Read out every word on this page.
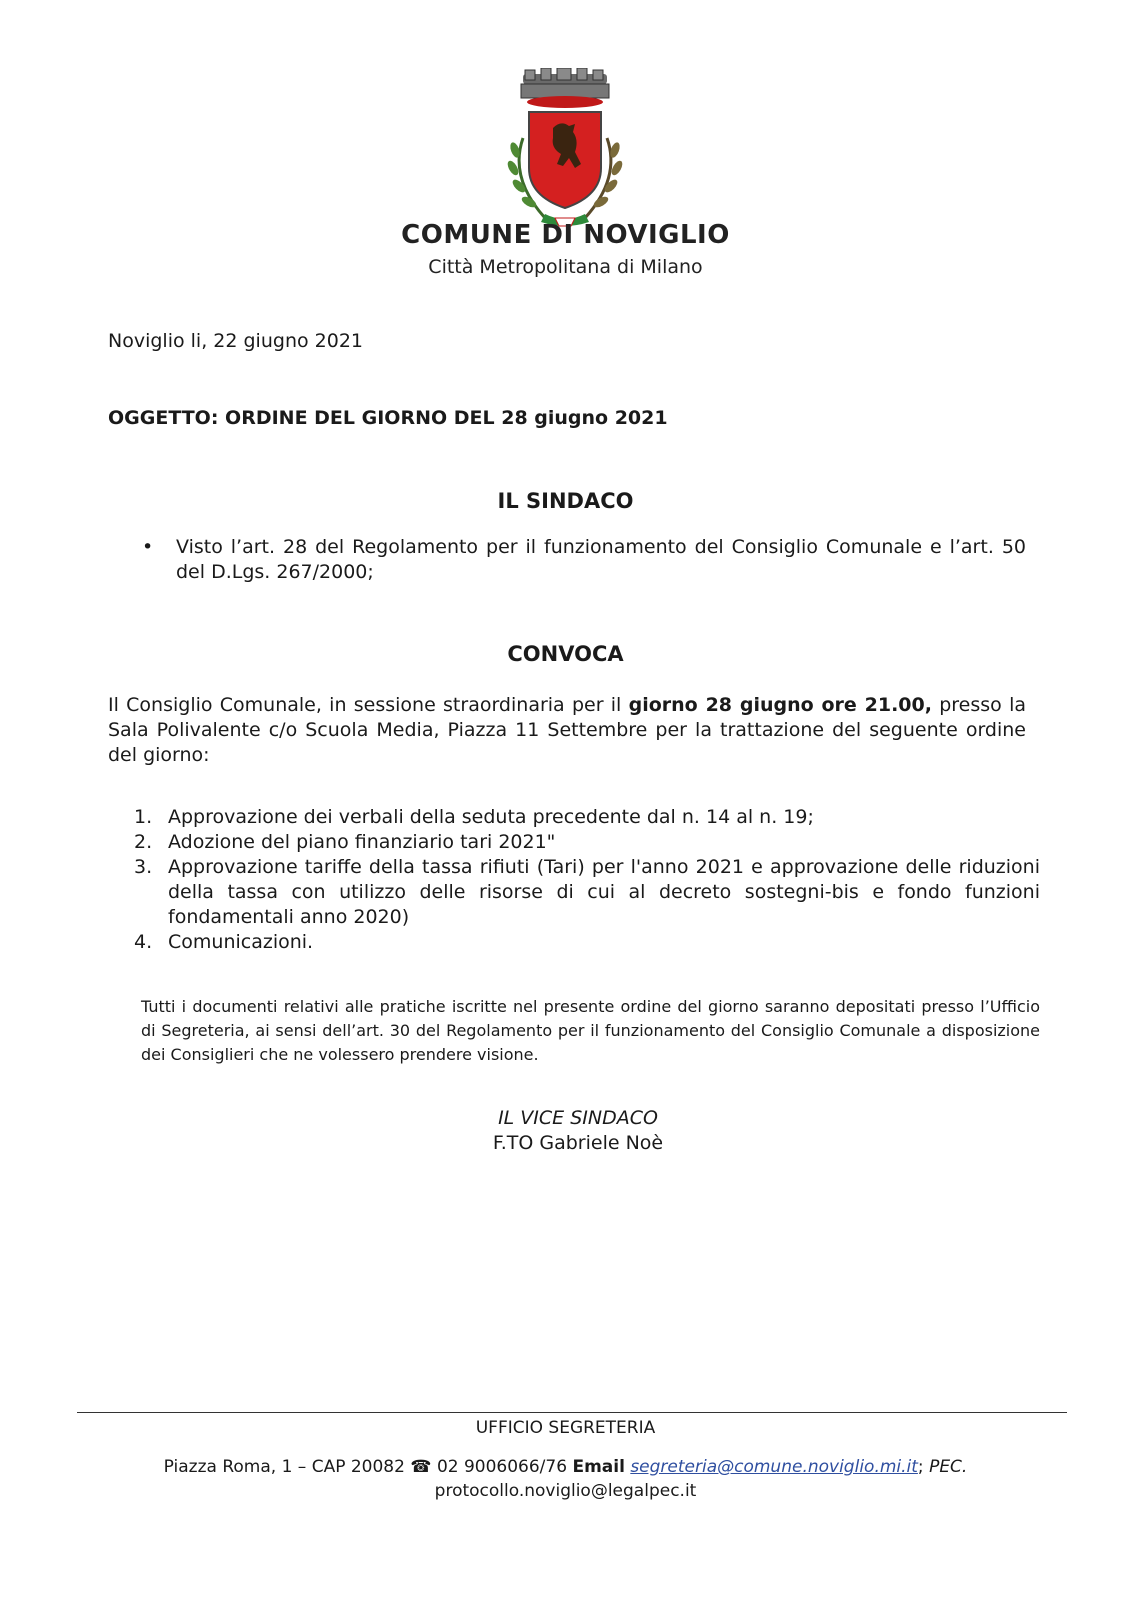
COMUNE DI NOVIGLIO
Città Metropolitana di Milano
Noviglio li, 22 giugno 2021
OGGETTO: ORDINE DEL GIORNO DEL 28 giugno 2021
IL SINDACO
• Visto l’art. 28 del Regolamento per il funzionamento del Consiglio Comunale e l’art. 50 del D.Lgs. 267/2000;
CONVOCA

Il Consiglio Comunale, in sessione straordinaria per il giorno 28 giugno ore 21.00, presso la Sala Polivalente c/o Scuola Media, Piazza 11 Settembre per la trattazione del seguente ordine del giorno:

1. Approvazione dei verbali della seduta precedente dal n. 14 al n. 19;
2. Adozione del piano finanziario tari 2021"
3. Approvazione tariffe della tassa rifiuti (Tari) per l'anno 2021 e approvazione delle riduzioni della tassa con utilizzo delle risorse di cui al decreto sostegni-bis e fondo funzioni fondamentali anno 2020)
4. Comunicazioni.

Tutti i documenti relativi alle pratiche iscritte nel presente ordine del giorno saranno depositati presso l’Ufficio di Segreteria, ai sensi dell’art. 30 del Regolamento per il funzionamento del Consiglio Comunale a disposizione dei Consiglieri che ne volessero prendere visione.

IL VICE SINDACO
F.TO Gabriele Noè
UFFICIO SEGRETERIA
Piazza Roma, 1 – CAP 20082 ☎ 02 9006066/76 Email segreteria@comune.noviglio.mi.it; PEC.
protocollo.noviglio@legalpec.it
